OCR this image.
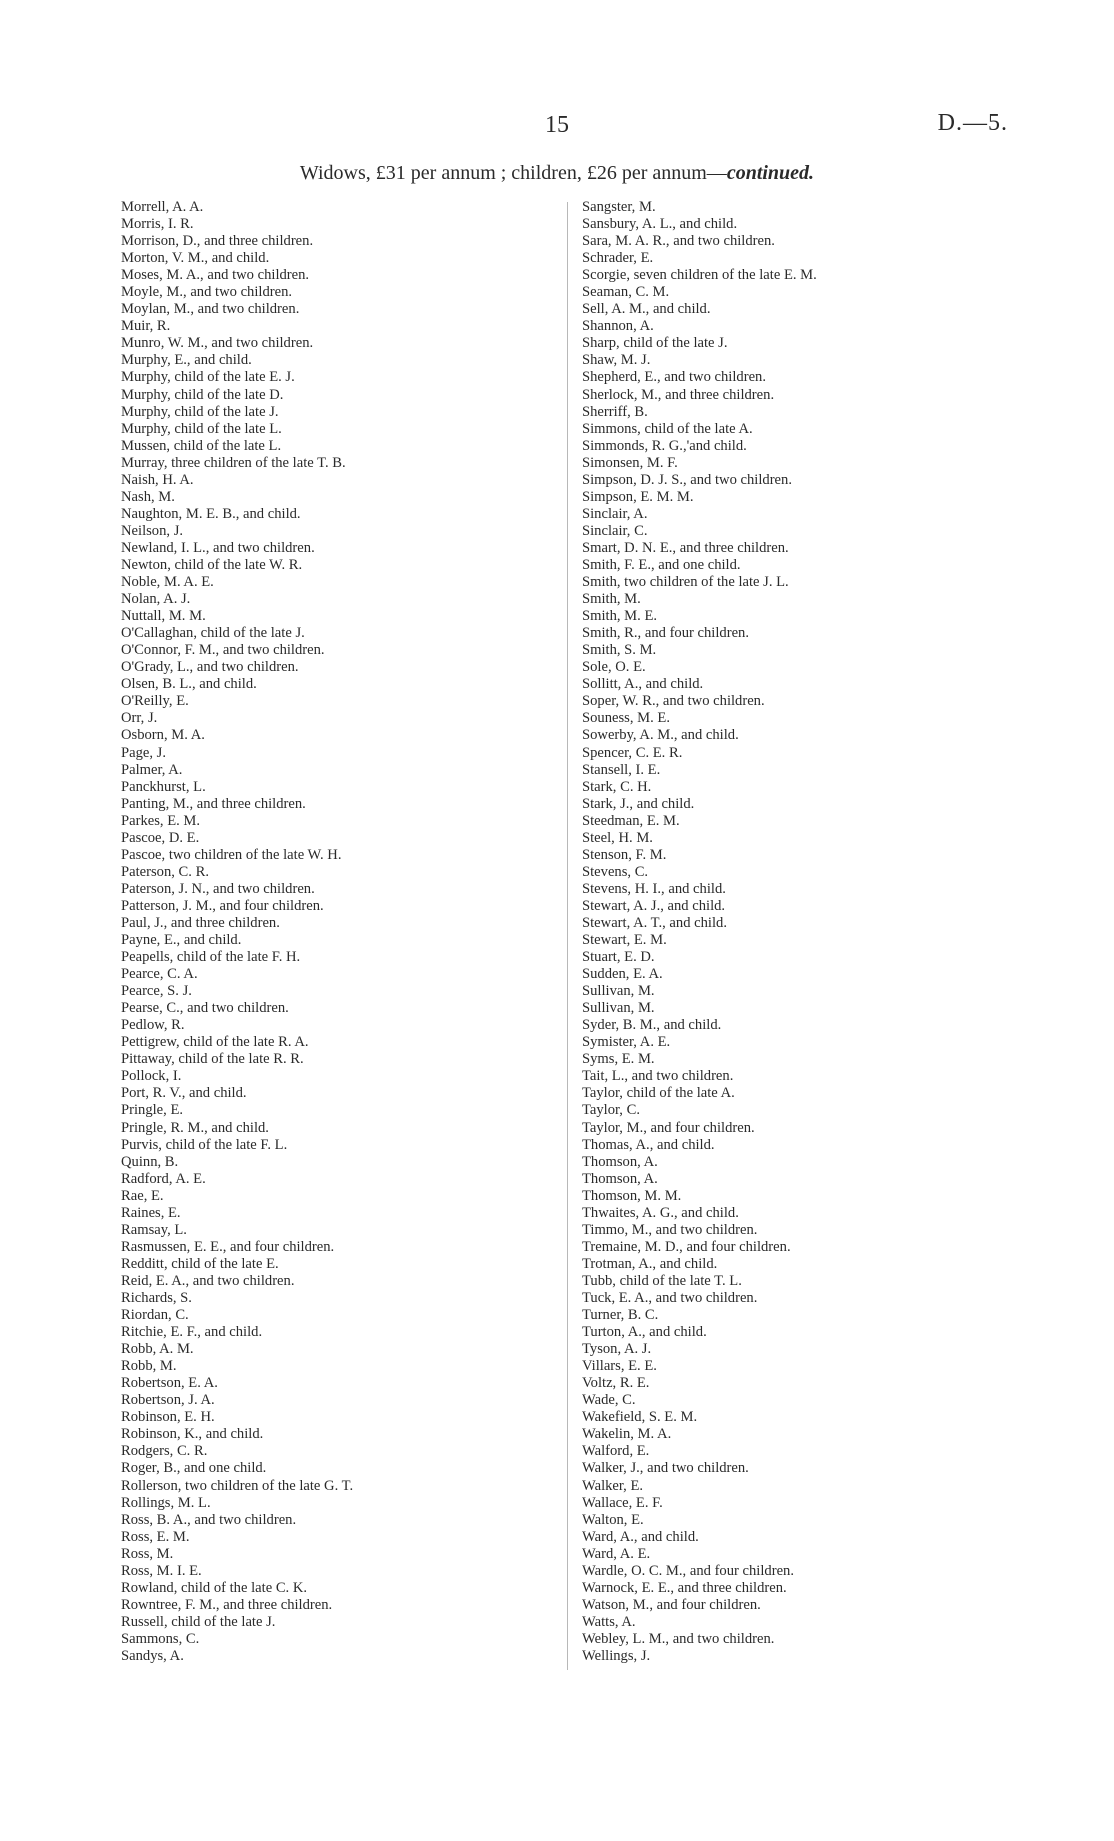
15	D.—5.
Widows, £31 per annum ; children, £26 per annum—continued.
Morrell, A. A.
Morris, I. R.
Morrison, D., and three children.
Morton, V. M., and child.
Moses, M. A., and two children.
Moyle, M., and two children.
Moylan, M., and two children.
Muir, R.
Munro, W. M., and two children.
Murphy, E., and child.
Murphy, child of the late E. J.
Murphy, child of the late D.
Murphy, child of the late J.
Murphy, child of the late L.
Mussen, child of the late L.
Murray, three children of the late T. B.
Naish, H. A.
Nash, M.
Naughton, M. E. B., and child.
Neilson, J.
Newland, I. L., and two children.
Newton, child of the late W. R.
Noble, M. A. E.
Nolan, A. J.
Nuttall, M. M.
O'Callaghan, child of the late J.
O'Connor, F. M., and two children.
O'Grady, L., and two children.
Olsen, B. L., and child.
O'Reilly, E.
Orr, J.
Osborn, M. A.
Page, J.
Palmer, A.
Panckhurst, L.
Panting, M., and three children.
Parkes, E. M.
Pascoe, D. E.
Pascoe, two children of the late W. H.
Paterson, C. R.
Paterson, J. N., and two children.
Patterson, J. M., and four children.
Paul, J., and three children.
Payne, E., and child.
Peapells, child of the late F. H.
Pearce, C. A.
Pearce, S. J.
Pearse, C., and two children.
Pedlow, R.
Pettigrew, child of the late R. A.
Pittaway, child of the late R. R.
Pollock, I.
Port, R. V., and child.
Pringle, E.
Pringle, R. M., and child.
Purvis, child of the late F. L.
Quinn, B.
Radford, A. E.
Rae, E.
Raines, E.
Ramsay, L.
Rasmussen, E. E., and four children.
Redditt, child of the late E.
Reid, E. A., and two children.
Richards, S.
Riordan, C.
Ritchie, E. F., and child.
Robb, A. M.
Robb, M.
Robertson, E. A.
Robertson, J. A.
Robinson, E. H.
Robinson, K., and child.
Rodgers, C. R.
Roger, B., and one child.
Rollerson, two children of the late G. T.
Rollings, M. L.
Ross, B. A., and two children.
Ross, E. M.
Ross, M.
Ross, M. I. E.
Rowland, child of the late C. K.
Rowntree, F. M., and three children.
Russell, child of the late J.
Sammons, C.
Sandys, A.
Sangster, M.
Sansbury, A. L., and child.
Sara, M. A. R., and two children.
Schrader, E.
Scorgie, seven children of the late E. M.
Seaman, C. M.
Sell, A. M., and child.
Shannon, A.
Sharp, child of the late J.
Shaw, M. J.
Shepherd, E., and two children.
Sherlock, M., and three children.
Sherriff, B.
Simmons, child of the late A.
Simmonds, R. G.,'and child.
Simonsen, M. F.
Simpson, D. J. S., and two children.
Simpson, E. M. M.
Sinclair, A.
Sinclair, C.
Smart, D. N. E., and three children.
Smith, F. E., and one child.
Smith, two children of the late J. L.
Smith, M.
Smith, M. E.
Smith, R., and four children.
Smith, S. M.
Sole, O. E.
Sollitt, A., and child.
Soper, W. R., and two children.
Souness, M. E.
Sowerby, A. M., and child.
Spencer, C. E. R.
Stansell, I. E.
Stark, C. H.
Stark, J., and child.
Steedman, E. M.
Steel, H. M.
Stenson, F. M.
Stevens, C.
Stevens, H. I., and child.
Stewart, A. J., and child.
Stewart, A. T., and child.
Stewart, E. M.
Stuart, E. D.
Sudden, E. A.
Sullivan, M.
Sullivan, M.
Syder, B. M., and child.
Symister, A. E.
Syms, E. M.
Tait, L., and two children.
Taylor, child of the late A.
Taylor, C.
Taylor, M., and four children.
Thomas, A., and child.
Thomson, A.
Thomson, A.
Thomson, M. M.
Thwaites, A. G., and child.
Timmo, M., and two children.
Tremaine, M. D., and four children.
Trotman, A., and child.
Tubb, child of the late T. L.
Tuck, E. A., and two children.
Turner, B. C.
Turton, A., and child.
Tyson, A. J.
Villars, E. E.
Voltz, R. E.
Wade, C.
Wakefield, S. E. M.
Wakelin, M. A.
Walford, E.
Walker, J., and two children.
Walker, E.
Wallace, E. F.
Walton, E.
Ward, A., and child.
Ward, A. E.
Wardle, O. C. M., and four children.
Warnock, E. E., and three children.
Watson, M., and four children.
Watts, A.
Webley, L. M., and two children.
Wellings, J.
